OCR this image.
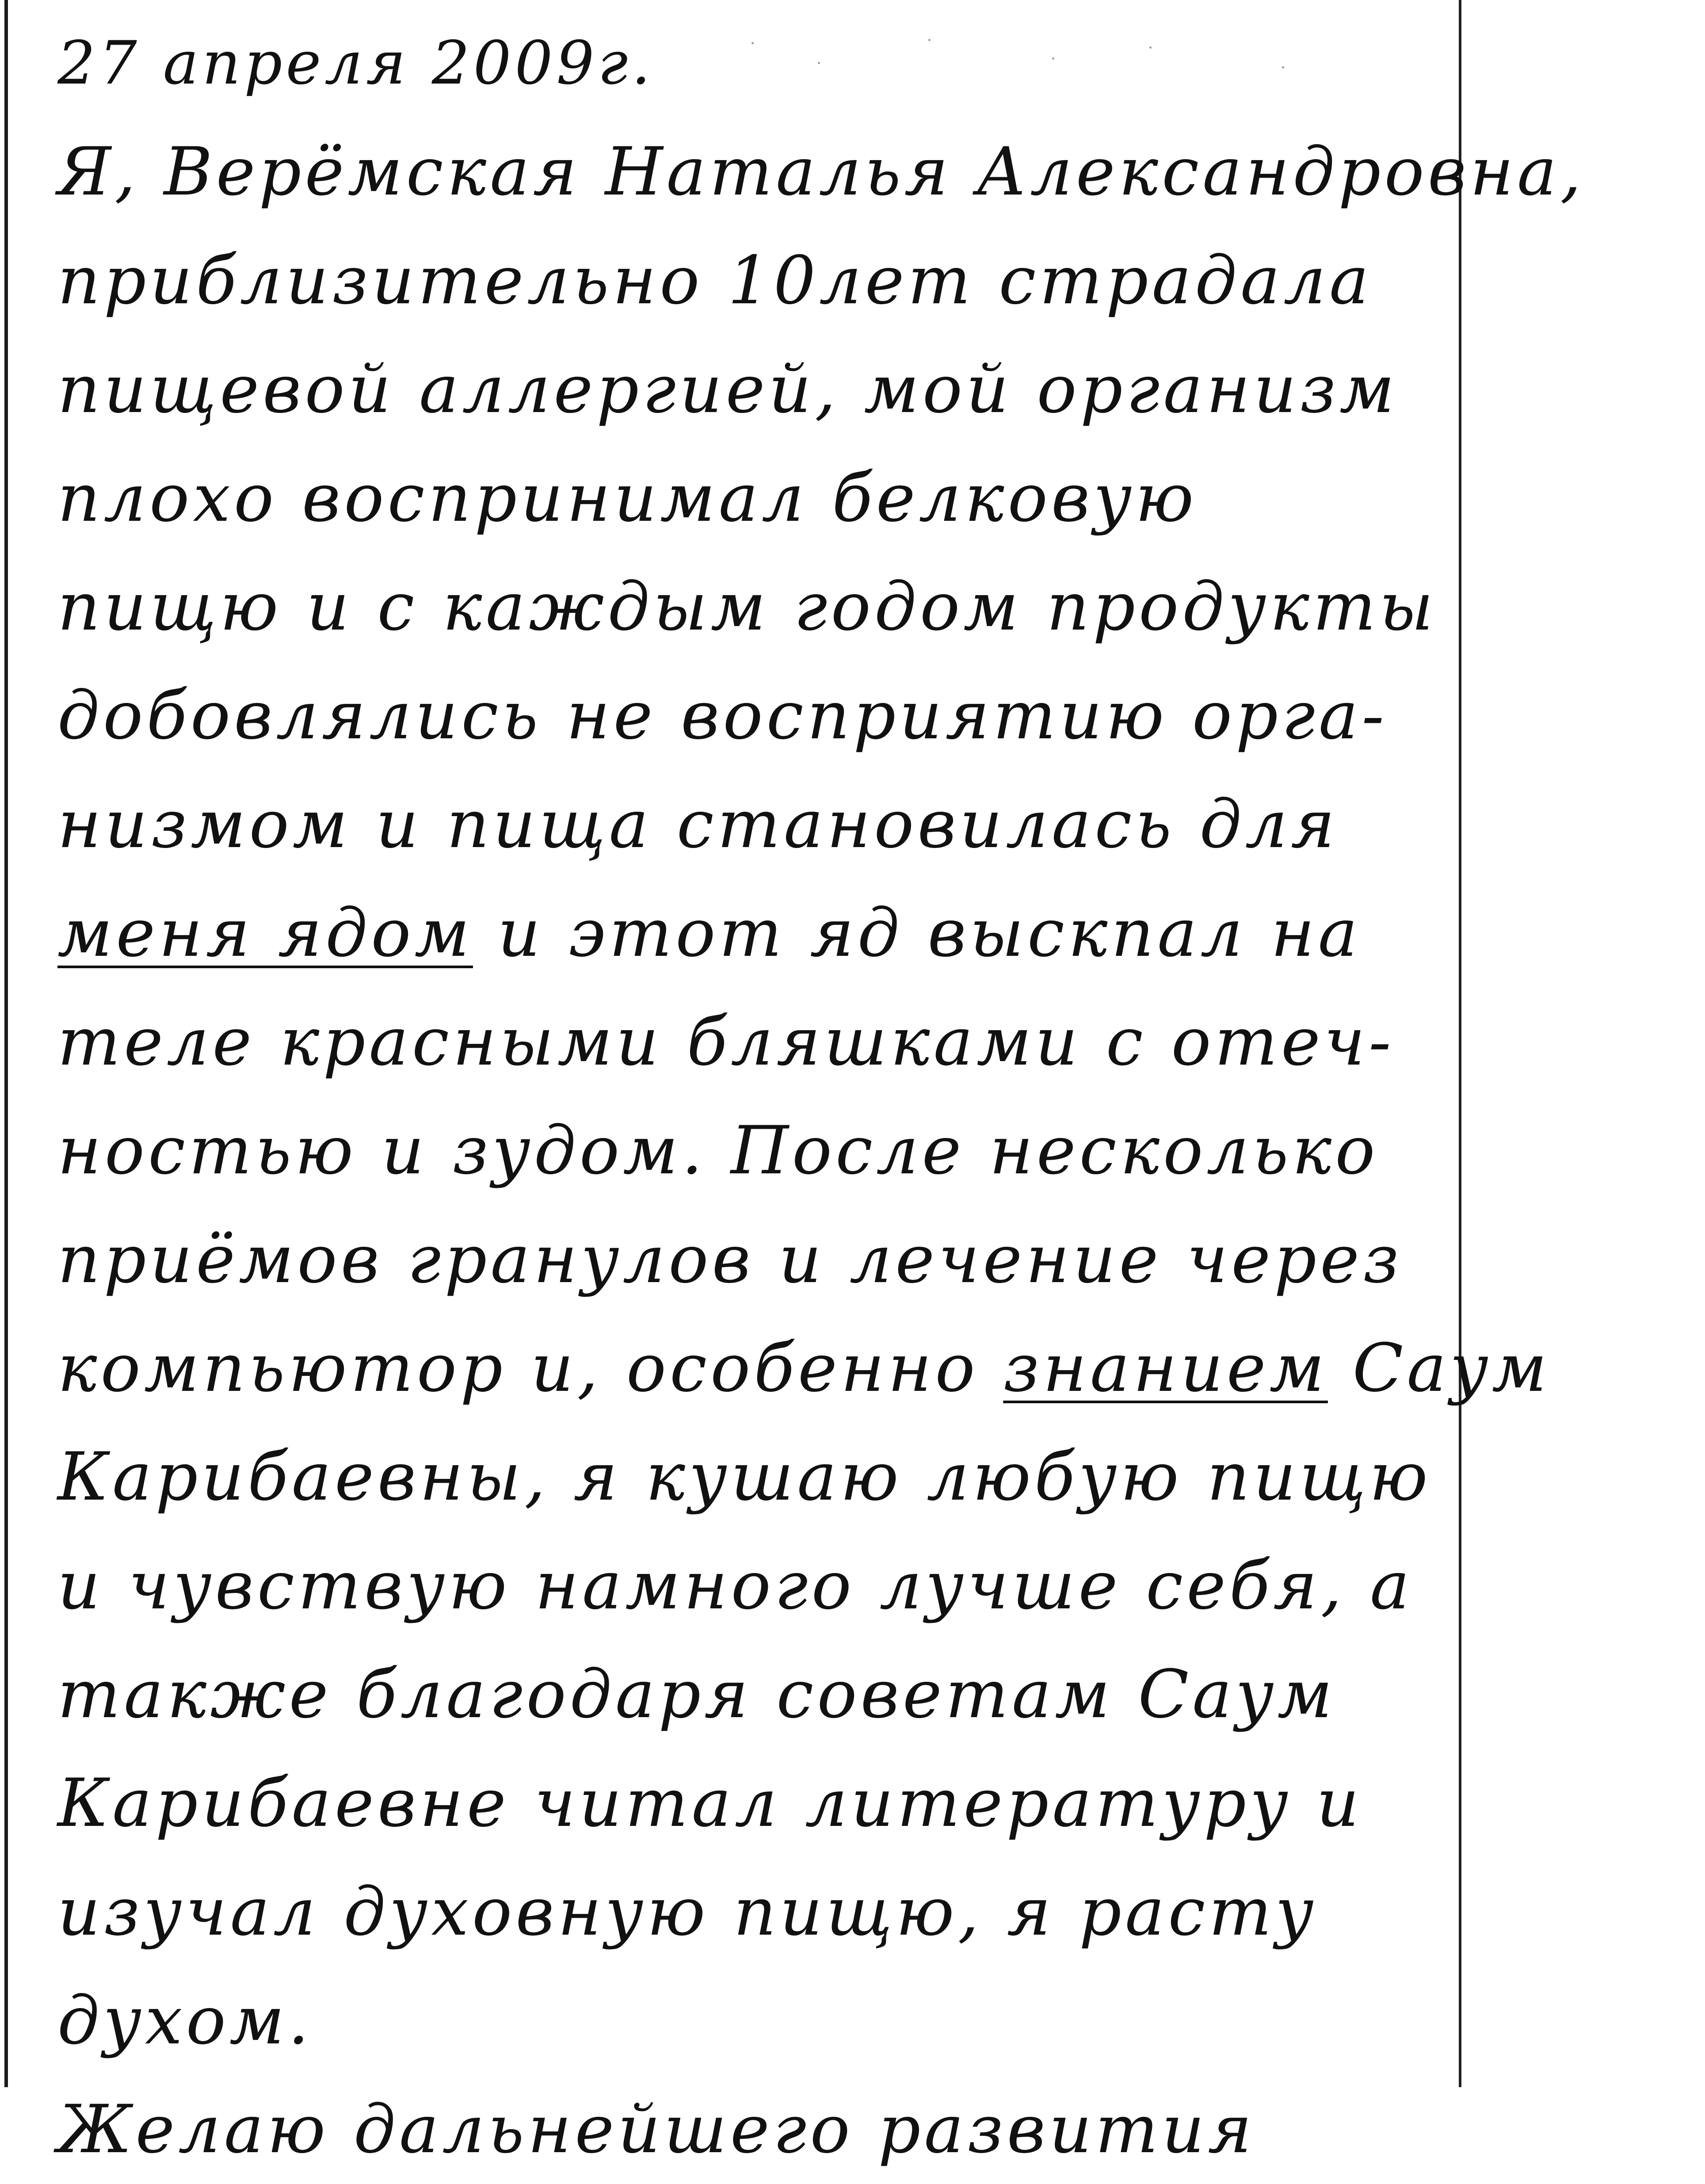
27 апреля 2009г.
Я, Верёмская Наталья Александровна,
приблизительно 10лет страдала
пищевой аллергией, мой организм
плохо воспринимал белковую
пищю и с каждым годом продукты
добовлялись не восприятию орга-
низмом и пища становилась для
меня ядом и этот яд выскпал на
теле красными бляшками с отеч-
ностью и зудом. После несколько
приёмов гранулов и лечение через
компьютор и, особенно знанием Саум
Карибаевны, я кушаю любую пищю
и чувствую намного лучше себя, а
также благодаря советам Саум
Карибаевне читал литературу и
изучал духовную пищю, я расту
духом.
Желаю дальнейшего развития
